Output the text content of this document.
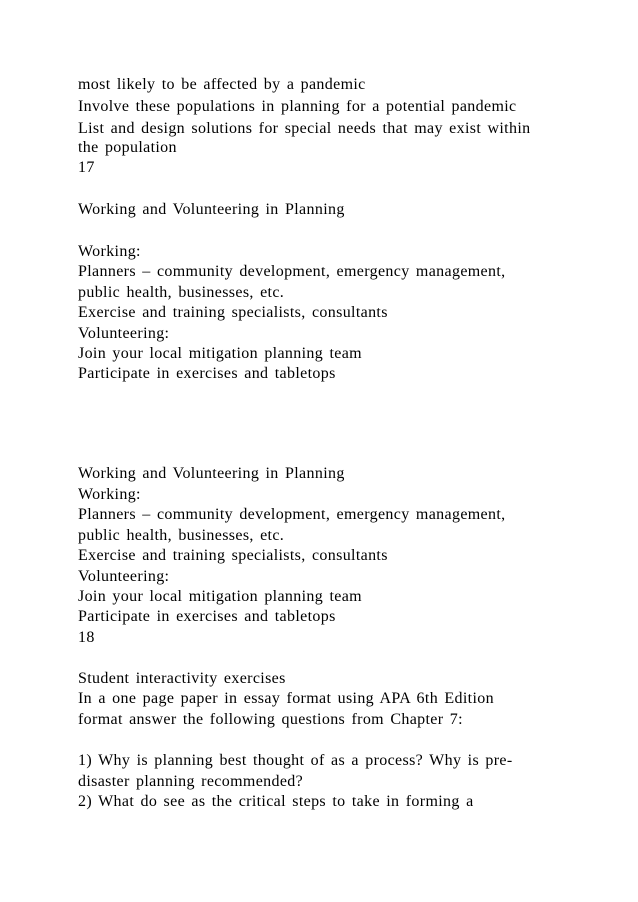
most likely to be affected by a pandemic
Involve these populations in planning for a potential pandemic
List and design solutions for special needs that may exist within
the population
17
Working and Volunteering in Planning
Working:
Planners – community development, emergency management,
public health, businesses, etc.
Exercise and training specialists, consultants
Volunteering:
Join your local mitigation planning team
Participate in exercises and tabletops
Working and Volunteering in Planning
Working:
Planners – community development, emergency management,
public health, businesses, etc.
Exercise and training specialists, consultants
Volunteering:
Join your local mitigation planning team
Participate in exercises and tabletops
18
Student interactivity exercises
In a one page paper in essay format using APA 6th Edition
format answer the following questions from Chapter 7:
1) Why is planning best thought of as a process? Why is pre-
disaster planning recommended?
2) What do see as the critical steps to take in forming a
